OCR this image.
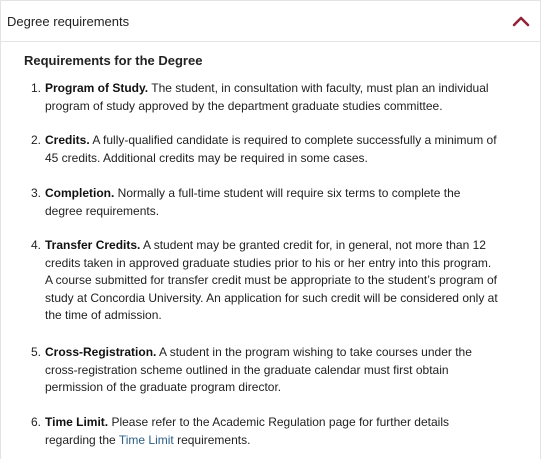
Degree requirements
Requirements for the Degree
1. Program of Study. The student, in consultation with faculty, must plan an individual program of study approved by the department graduate studies committee.
2. Credits. A fully-qualified candidate is required to complete successfully a minimum of 45 credits. Additional credits may be required in some cases.
3. Completion. Normally a full-time student will require six terms to complete the degree requirements.
4. Transfer Credits. A student may be granted credit for, in general, not more than 12 credits taken in approved graduate studies prior to his or her entry into this program. A course submitted for transfer credit must be appropriate to the student’s program of study at Concordia University. An application for such credit will be considered only at the time of admission.
5. Cross-Registration. A student in the program wishing to take courses under the cross-registration scheme outlined in the graduate calendar must first obtain permission of the graduate program director.
6. Time Limit. Please refer to the Academic Regulation page for further details regarding the Time Limit requirements.
